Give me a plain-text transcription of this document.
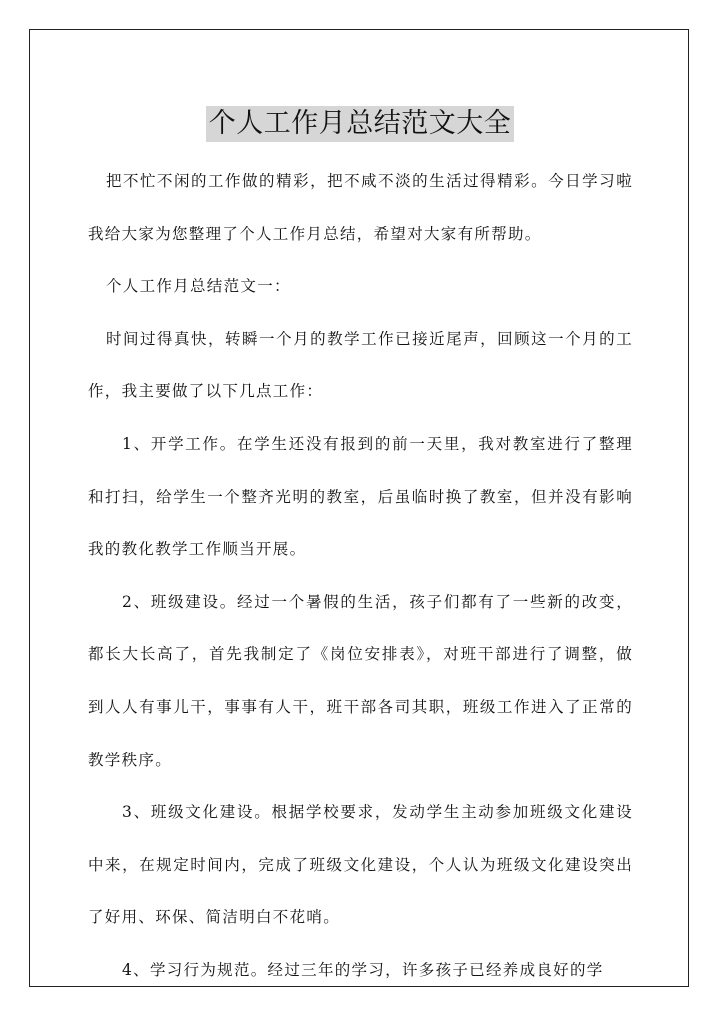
个人工作月总结范文大全

把不忙不闲的工作做的精彩，把不咸不淡的生活过得精彩。今日学习啦我给大家为您整理了个人工作月总结，希望对大家有所帮助。

个人工作月总结范文一：

时间过得真快，转瞬一个月的教学工作已接近尾声，回顾这一个月的工作，我主要做了以下几点工作：

1、开学工作。在学生还没有报到的前一天里，我对教室进行了整理和打扫，给学生一个整齐光明的教室，后虽临时换了教室，但并没有影响我的教化教学工作顺当开展。

2、班级建设。经过一个暑假的生活，孩子们都有了一些新的改变，都长大长高了，首先我制定了《岗位安排表》，对班干部进行了调整，做到人人有事儿干，事事有人干，班干部各司其职，班级工作进入了正常的教学秩序。

3、班级文化建设。根据学校要求，发动学生主动参加班级文化建设中来，在规定时间内，完成了班级文化建设，个人认为班级文化建设突出了好用、环保、简洁明白不花哨。

4、学习行为规范。经过三年的学习，许多孩子已经养成良好的学
